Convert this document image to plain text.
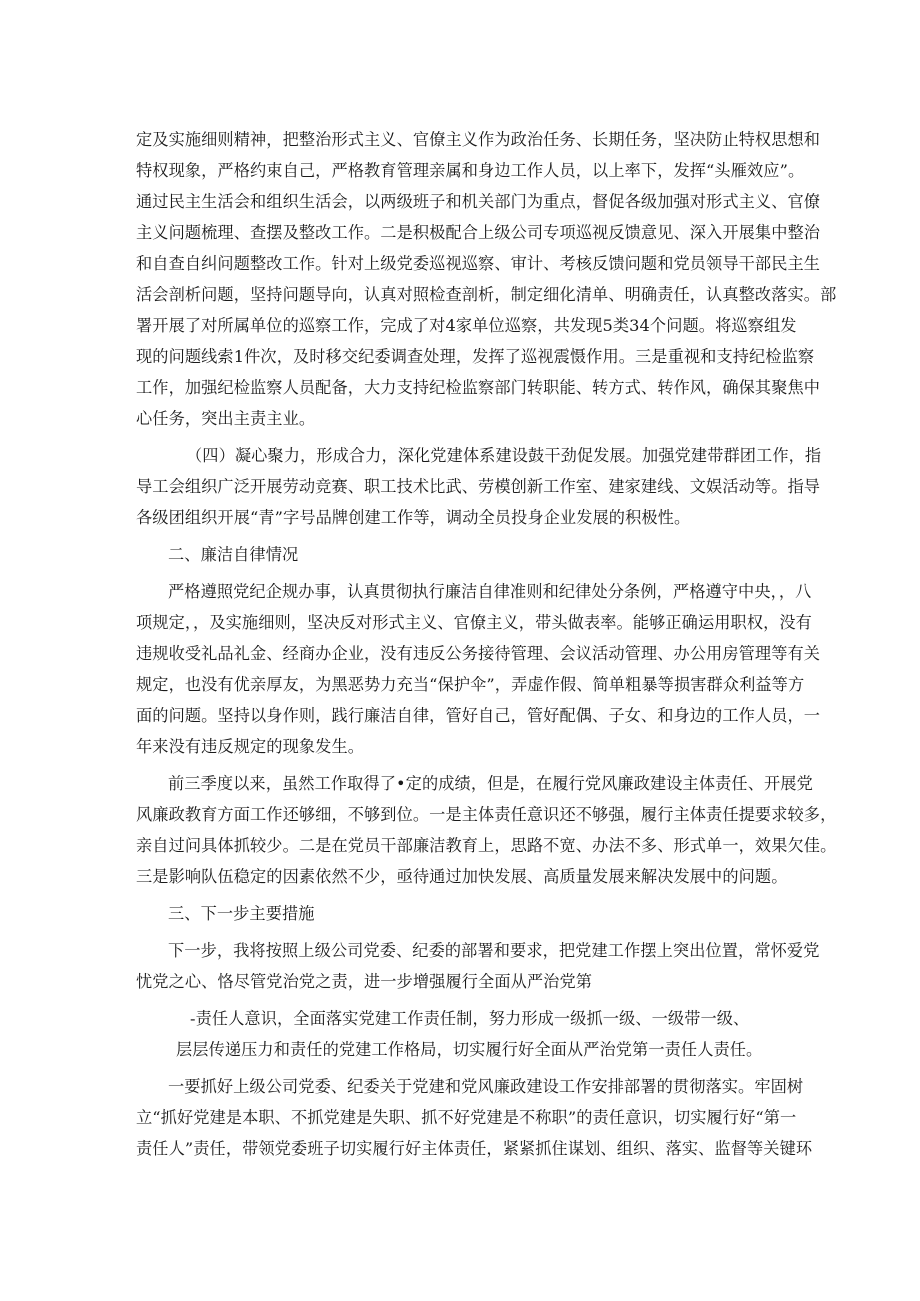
定及实施细则精神，把整治形式主义、官僚主义作为政治任务、长期任务，坚决防止特权思想和
特权现象，严格约束自己，严格教育管理亲属和身边工作人员，以上率下，发挥“头雁效应”。
通过民主生活会和组织生活会，以两级班子和机关部门为重点，督促各级加强对形式主义、官僚
主义问题梳理、查摆及整改工作。二是积极配合上级公司专项巡视反馈意见、深入开展集中整治
和自查自纠问题整改工作。针对上级党委巡视巡察、审计、考核反馈问题和党员领导干部民主生
活会剖析问题，坚持问题导向，认真对照检查剖析，制定细化清单、明确责任，认真整改落实。部
署开展了对所属单位的巡察工作，完成了对4家单位巡察，共发现5类34个问题。将巡察组发
现的问题线索1件次，及时移交纪委调查处理，发挥了巡视震慑作用。三是重视和支持纪检监察
工作，加强纪检监察人员配备，大力支持纪检监察部门转职能、转方式、转作风，确保其聚焦中
心任务，突出主责主业。
（四）凝心聚力，形成合力，深化党建体系建设鼓干劲促发展。加强党建带群团工作，指
导工会组织广泛开展劳动竞赛、职工技术比武、劳模创新工作室、建家建线、文娱活动等。指导
各级团组织开展“青”字号品牌创建工作等，调动全员投身企业发展的积极性。
二、廉洁自律情况
严格遵照党纪企规办事，认真贯彻执行廉洁自律准则和纪律处分条例，严格遵守中央，，八
项规定，，及实施细则，坚决反对形式主义、官僚主义，带头做表率。能够正确运用职权，没有
违规收受礼品礼金、经商办企业，没有违反公务接待管理、会议活动管理、办公用房管理等有关
规定，也没有优亲厚友，为黑恶势力充当“保护伞”，弄虚作假、简单粗暴等损害群众利益等方
面的问题。坚持以身作则，践行廉洁自律，管好自己，管好配偶、子女、和身边的工作人员，一
年来没有违反规定的现象发生。
前三季度以来，虽然工作取得了•定的成绩，但是，在履行党风廉政建设主体责任、开展党
风廉政教育方面工作还够细，不够到位。一是主体责任意识还不够强，履行主体责任提要求较多，
亲自过问具体抓较少。二是在党员干部廉洁教育上，思路不宽、办法不多、形式单一，效果欠佳。
三是影响队伍稳定的因素依然不少，亟待通过加快发展、高质量发展来解决发展中的问题。
三、下一步主要措施
下一步，我将按照上级公司党委、纪委的部署和要求，把党建工作摆上突出位置，常怀爱党
忧党之心、恪尽管党治党之责，进一步增强履行全面从严治党第
-责任人意识，全面落实党建工作责任制，努力形成一级抓一级、一级带一级、
层层传递压力和责任的党建工作格局，切实履行好全面从严治党第一责任人责任。
一要抓好上级公司党委、纪委关于党建和党风廉政建设工作安排部署的贯彻落实。牢固树
立“抓好党建是本职、不抓党建是失职、抓不好党建是不称职”的责任意识，切实履行好“第一
责任人”责任，带领党委班子切实履行好主体责任，紧紧抓住谋划、组织、落实、监督等关键环
